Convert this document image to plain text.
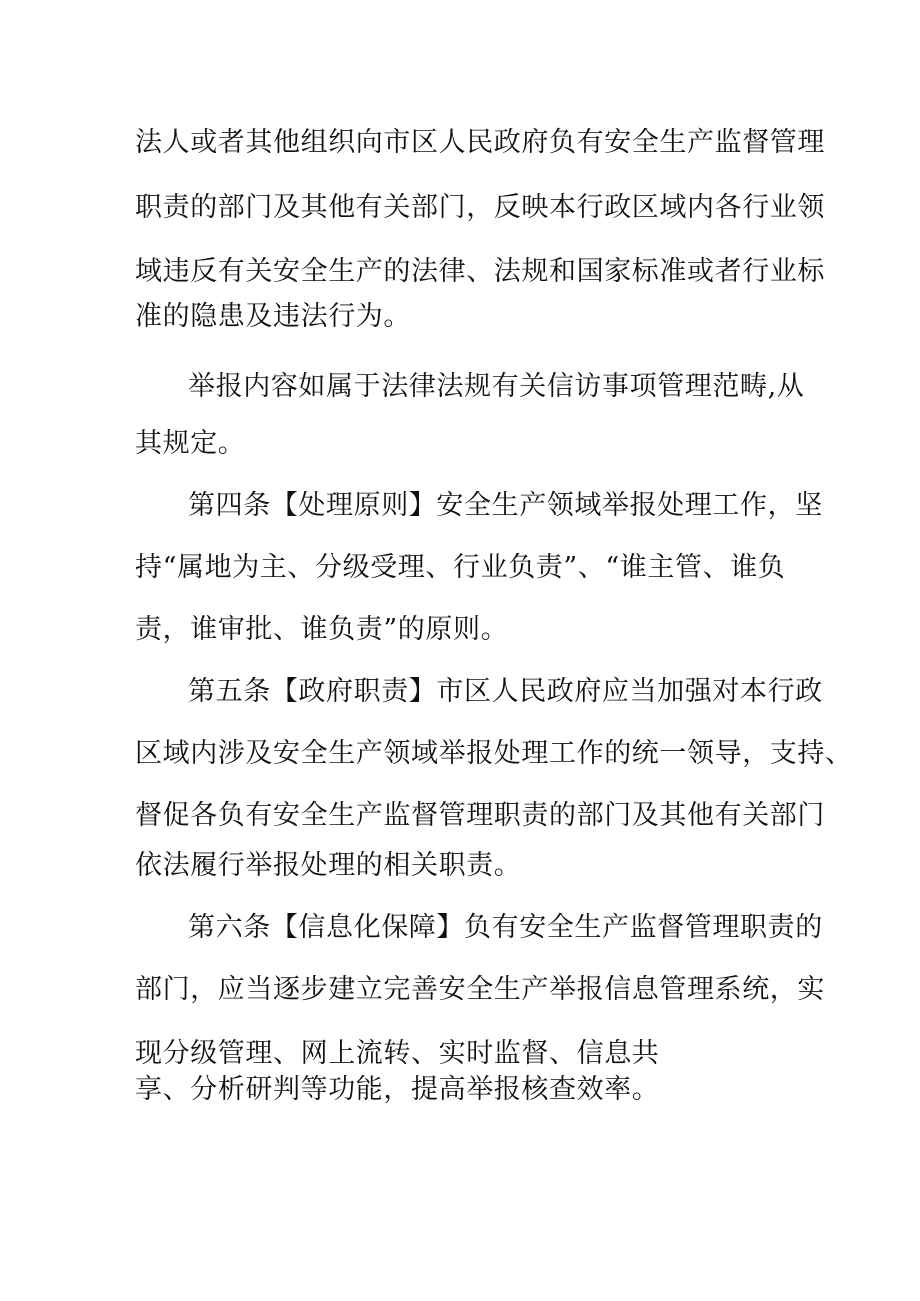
法人或者其他组织向市区人民政府负有安全生产监督管理
职责的部门及其他有关部门，反映本行政区域内各行业领
域违反有关安全生产的法律、法规和国家标准或者行业标
准的隐患及违法行为。
举报内容如属于法律法规有关信访事项管理范畴,从
其规定。
第四条【处理原则】安全生产领域举报处理工作，坚
持“属地为主、分级受理、行业负责”、“谁主管、谁负
责，谁审批、谁负责”的原则。
第五条【政府职责】市区人民政府应当加强对本行政
区域内涉及安全生产领域举报处理工作的统一领导，支持、
督促各负有安全生产监督管理职责的部门及其他有关部门
依法履行举报处理的相关职责。
第六条【信息化保障】负有安全生产监督管理职责的
部门，应当逐步建立完善安全生产举报信息管理系统，实
现分级管理、网上流转、实时监督、信息共
享、分析研判等功能，提高举报核查效率。
